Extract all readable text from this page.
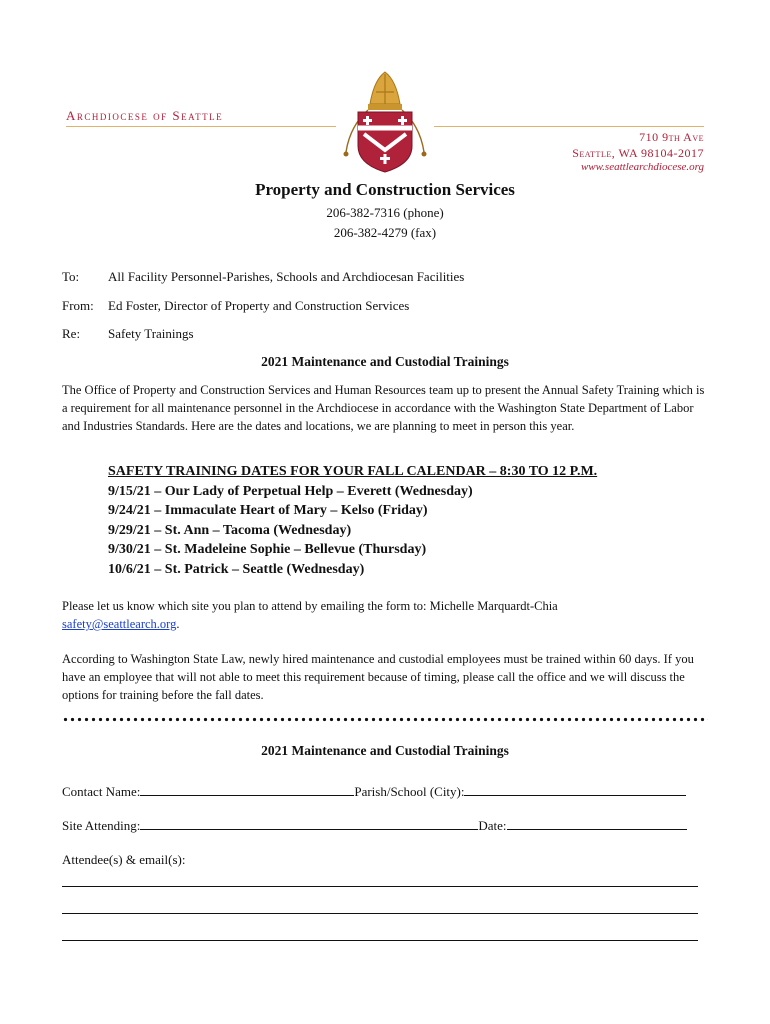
Archdiocese of Seattle
710 9th Ave
Seattle, WA 98104-2017
www.seattlearchdiocese.org
Property and Construction Services
206-382-7316 (phone)
206-382-4279 (fax)
To: All Facility Personnel-Parishes, Schools and Archdiocesan Facilities
From: Ed Foster, Director of Property and Construction Services
Re: Safety Trainings
2021 Maintenance and Custodial Trainings
The Office of Property and Construction Services and Human Resources team up to present the Annual Safety Training which is a requirement for all maintenance personnel in the Archdiocese in accordance with the Washington State Department of Labor and Industries Standards. Here are the dates and locations, we are planning to meet in person this year.
SAFETY TRAINING DATES FOR YOUR FALL CALENDAR – 8:30 TO 12 P.M.
9/15/21 – Our Lady of Perpetual Help – Everett (Wednesday)
9/24/21 – Immaculate Heart of Mary – Kelso (Friday)
9/29/21 – St. Ann – Tacoma (Wednesday)
9/30/21 – St. Madeleine Sophie – Bellevue (Thursday)
10/6/21 – St. Patrick – Seattle (Wednesday)
Please let us know which site you plan to attend by emailing the form to: Michelle Marquardt-Chia
safety@seattlearch.org.
According to Washington State Law, newly hired maintenance and custodial employees must be trained within 60 days. If you have an employee that will not able to meet this requirement because of timing, please call the office and we will discuss the options for training before the fall dates.
2021 Maintenance and Custodial Trainings
Contact Name:	Parish/School (City):
Site Attending:	Date:
Attendee(s) & email(s):
